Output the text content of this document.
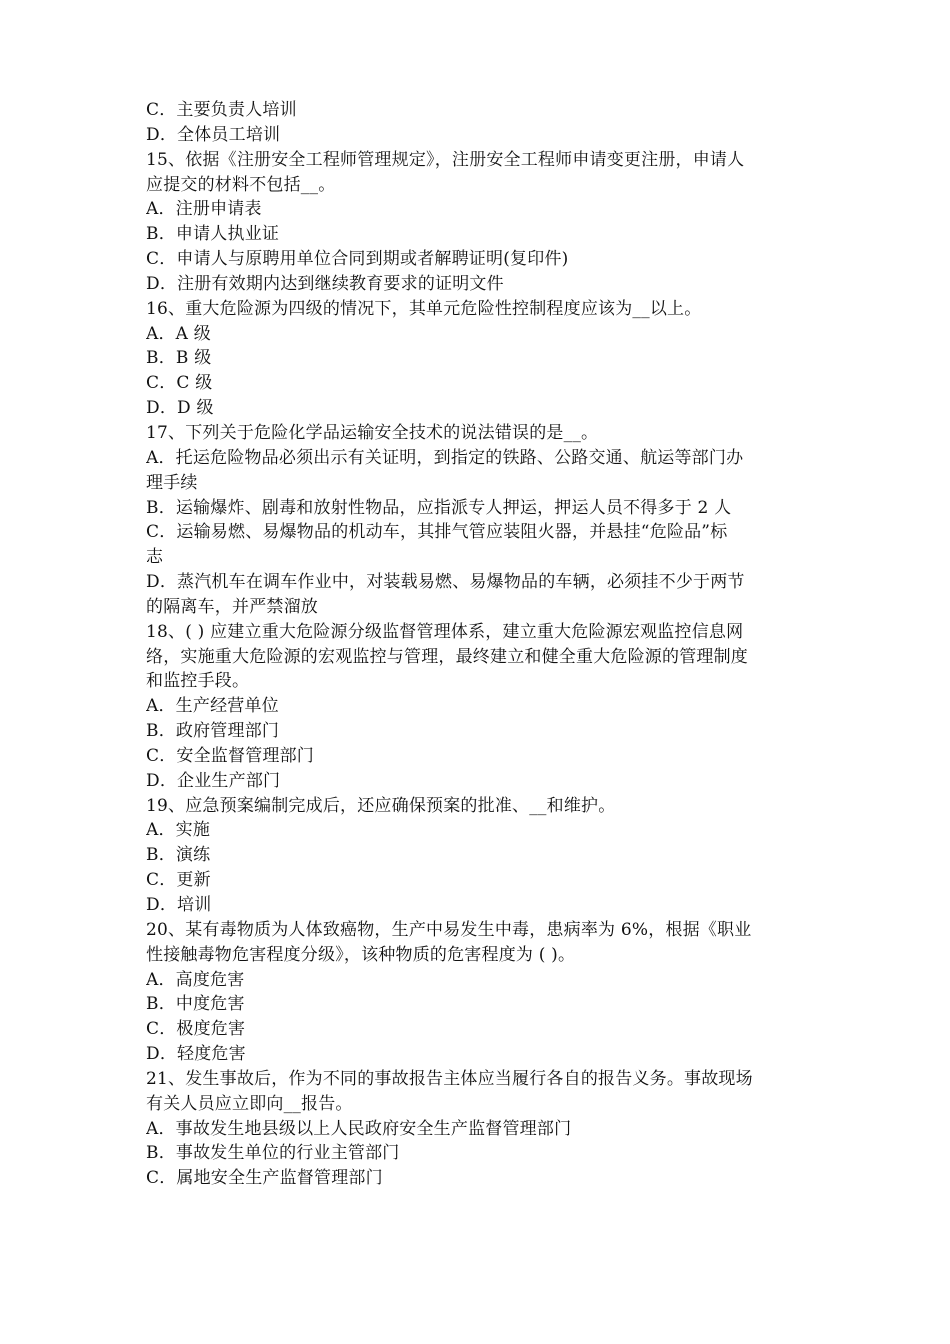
C．主要负责人培训
D．全体员工培训
15、依据《注册安全工程师管理规定》，注册安全工程师申请变更注册，申请人
应提交的材料不包括__。
A．注册申请表
B．申请人执业证
C．申请人与原聘用单位合同到期或者解聘证明(复印件)
D．注册有效期内达到继续教育要求的证明文件
16、重大危险源为四级的情况下，其单元危险性控制程度应该为__以上。
A．A 级
B．B 级
C．C 级
D．D 级
17、下列关于危险化学品运输安全技术的说法错误的是__。
A．托运危险物品必须出示有关证明，到指定的铁路、公路交通、航运等部门办
理手续
B．运输爆炸、剧毒和放射性物品，应指派专人押运，押运人员不得多于 2 人
C．运输易燃、易爆物品的机动车，其排气管应装阻火器，并悬挂“危险品”标
志
D．蒸汽机车在调车作业中，对装载易燃、易爆物品的车辆，必须挂不少于两节
的隔离车，并严禁溜放
18、( ) 应建立重大危险源分级监督管理体系，建立重大危险源宏观监控信息网
络，实施重大危险源的宏观监控与管理，最终建立和健全重大危险源的管理制度
和监控手段。
A．生产经营单位
B．政府管理部门
C．安全监督管理部门
D．企业生产部门
19、应急预案编制完成后，还应确保预案的批准、__和维护。
A．实施
B．演练
C．更新
D．培训
20、某有毒物质为人体致癌物，生产中易发生中毒，患病率为 6%，根据《职业
性接触毒物危害程度分级》，该种物质的危害程度为 ( )。
A．高度危害
B．中度危害
C．极度危害
D．轻度危害
21、发生事故后，作为不同的事故报告主体应当履行各自的报告义务。事故现场
有关人员应立即向__报告。
A．事故发生地县级以上人民政府安全生产监督管理部门
B．事故发生单位的行业主管部门
C．属地安全生产监督管理部门
